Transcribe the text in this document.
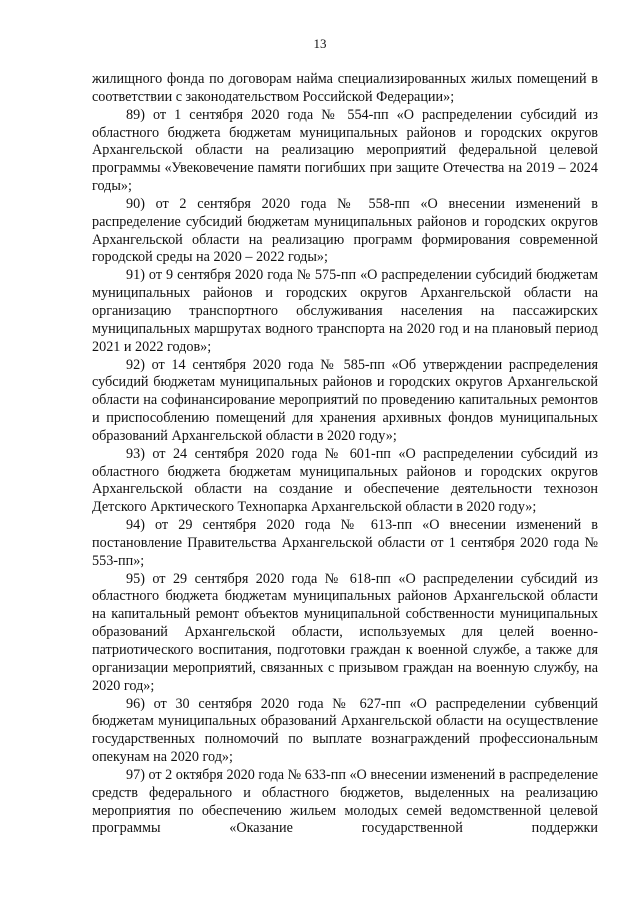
13

жилищного фонда по договорам найма специализированных жилых помещений в соответствии с законодательством Российской Федерации»;

89) от 1 сентября 2020 года № 554-пп «О распределении субсидий из областного бюджета бюджетам муниципальных районов и городских округов Архангельской области на реализацию мероприятий федеральной целевой программы «Увековечение памяти погибших при защите Отечества на 2019 – 2024 годы»;

90) от 2 сентября 2020 года № 558-пп «О внесении изменений в распределение субсидий бюджетам муниципальных районов и городских округов Архангельской области на реализацию программ формирования современной городской среды на 2020 – 2022 годы»;

91) от 9 сентября 2020 года № 575-пп «О распределении субсидий бюджетам муниципальных районов и городских округов Архангельской области на организацию транспортного обслуживания населения на пассажирских муниципальных маршрутах водного транспорта на 2020 год и на плановый период 2021 и 2022 годов»;

92) от 14 сентября 2020 года № 585-пп «Об утверждении распределения субсидий бюджетам муниципальных районов и городских округов Архангельской области на софинансирование мероприятий по проведению капитальных ремонтов и приспособлению помещений для хранения архивных фондов муниципальных образований Архангельской области в 2020 году»;

93) от 24 сентября 2020 года № 601-пп «О распределении субсидий из областного бюджета бюджетам муниципальных районов и городских округов Архангельской области на создание и обеспечение деятельности технозон Детского Арктического Технопарка Архангельской области в 2020 году»;

94) от 29 сентября 2020 года № 613-пп «О внесении изменений в постановление Правительства Архангельской области от 1 сентября 2020 года № 553-пп»;

95) от 29 сентября 2020 года № 618-пп «О распределении субсидий из областного бюджета бюджетам муниципальных районов Архангельской области на капитальный ремонт объектов муниципальной собственности муниципальных образований Архангельской области, используемых для целей военно-патриотического воспитания, подготовки граждан к военной службе, а также для организации мероприятий, связанных с призывом граждан на военную службу, на 2020 год»;

96) от 30 сентября 2020 года № 627-пп «О распределении субвенций бюджетам муниципальных образований Архангельской области на осуществление государственных полномочий по выплате вознаграждений профессиональным опекунам на 2020 год»;

97) от 2 октября 2020 года № 633-пп «О внесении изменений в распределение средств федерального и областного бюджетов, выделенных на реализацию мероприятия по обеспечению жильем молодых семей ведомственной целевой программы «Оказание государственной поддержки
